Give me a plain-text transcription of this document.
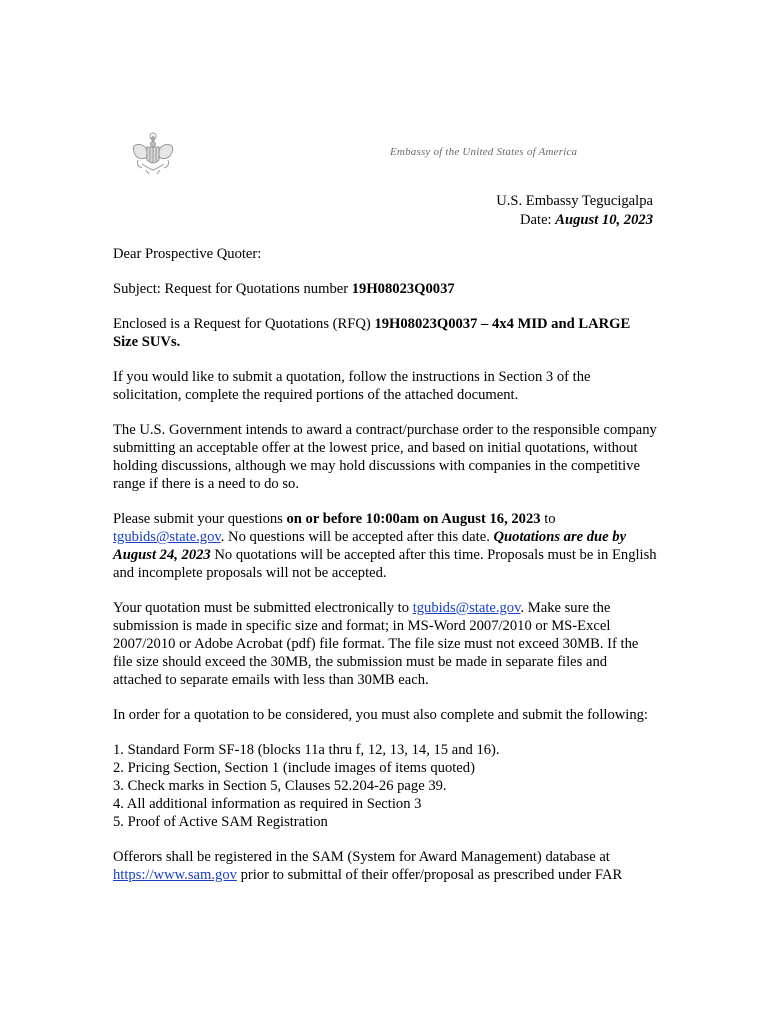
Embassy of the United States of America
U.S. Embassy Tegucigalpa
Date: August 10, 2023

Dear Prospective Quoter:

Subject: Request for Quotations number 19H08023Q0037

Enclosed is a Request for Quotations (RFQ) 19H08023Q0037 – 4x4 MID and LARGE Size SUVs.

If you would like to submit a quotation, follow the instructions in Section 3 of the solicitation, complete the required portions of the attached document.

The U.S. Government intends to award a contract/purchase order to the responsible company submitting an acceptable offer at the lowest price, and based on initial quotations, without holding discussions, although we may hold discussions with companies in the competitive range if there is a need to do so.

Please submit your questions on or before 10:00am on August 16, 2023 to tgubids@state.gov. No questions will be accepted after this date. Quotations are due by August 24, 2023 No quotations will be accepted after this time. Proposals must be in English and incomplete proposals will not be accepted.

Your quotation must be submitted electronically to tgubids@state.gov. Make sure the submission is made in specific size and format; in MS-Word 2007/2010 or MS-Excel 2007/2010 or Adobe Acrobat (pdf) file format. The file size must not exceed 30MB. If the file size should exceed the 30MB, the submission must be made in separate files and attached to separate emails with less than 30MB each.

In order for a quotation to be considered, you must also complete and submit the following:

1. Standard Form SF-18 (blocks 11a thru f, 12, 13, 14, 15 and 16).
2. Pricing Section, Section 1 (include images of items quoted)
3. Check marks in Section 5, Clauses 52.204-26 page 39.
4. All additional information as required in Section 3
5. Proof of Active SAM Registration

Offerors shall be registered in the SAM (System for Award Management) database at https://www.sam.gov prior to submittal of their offer/proposal as prescribed under FAR
